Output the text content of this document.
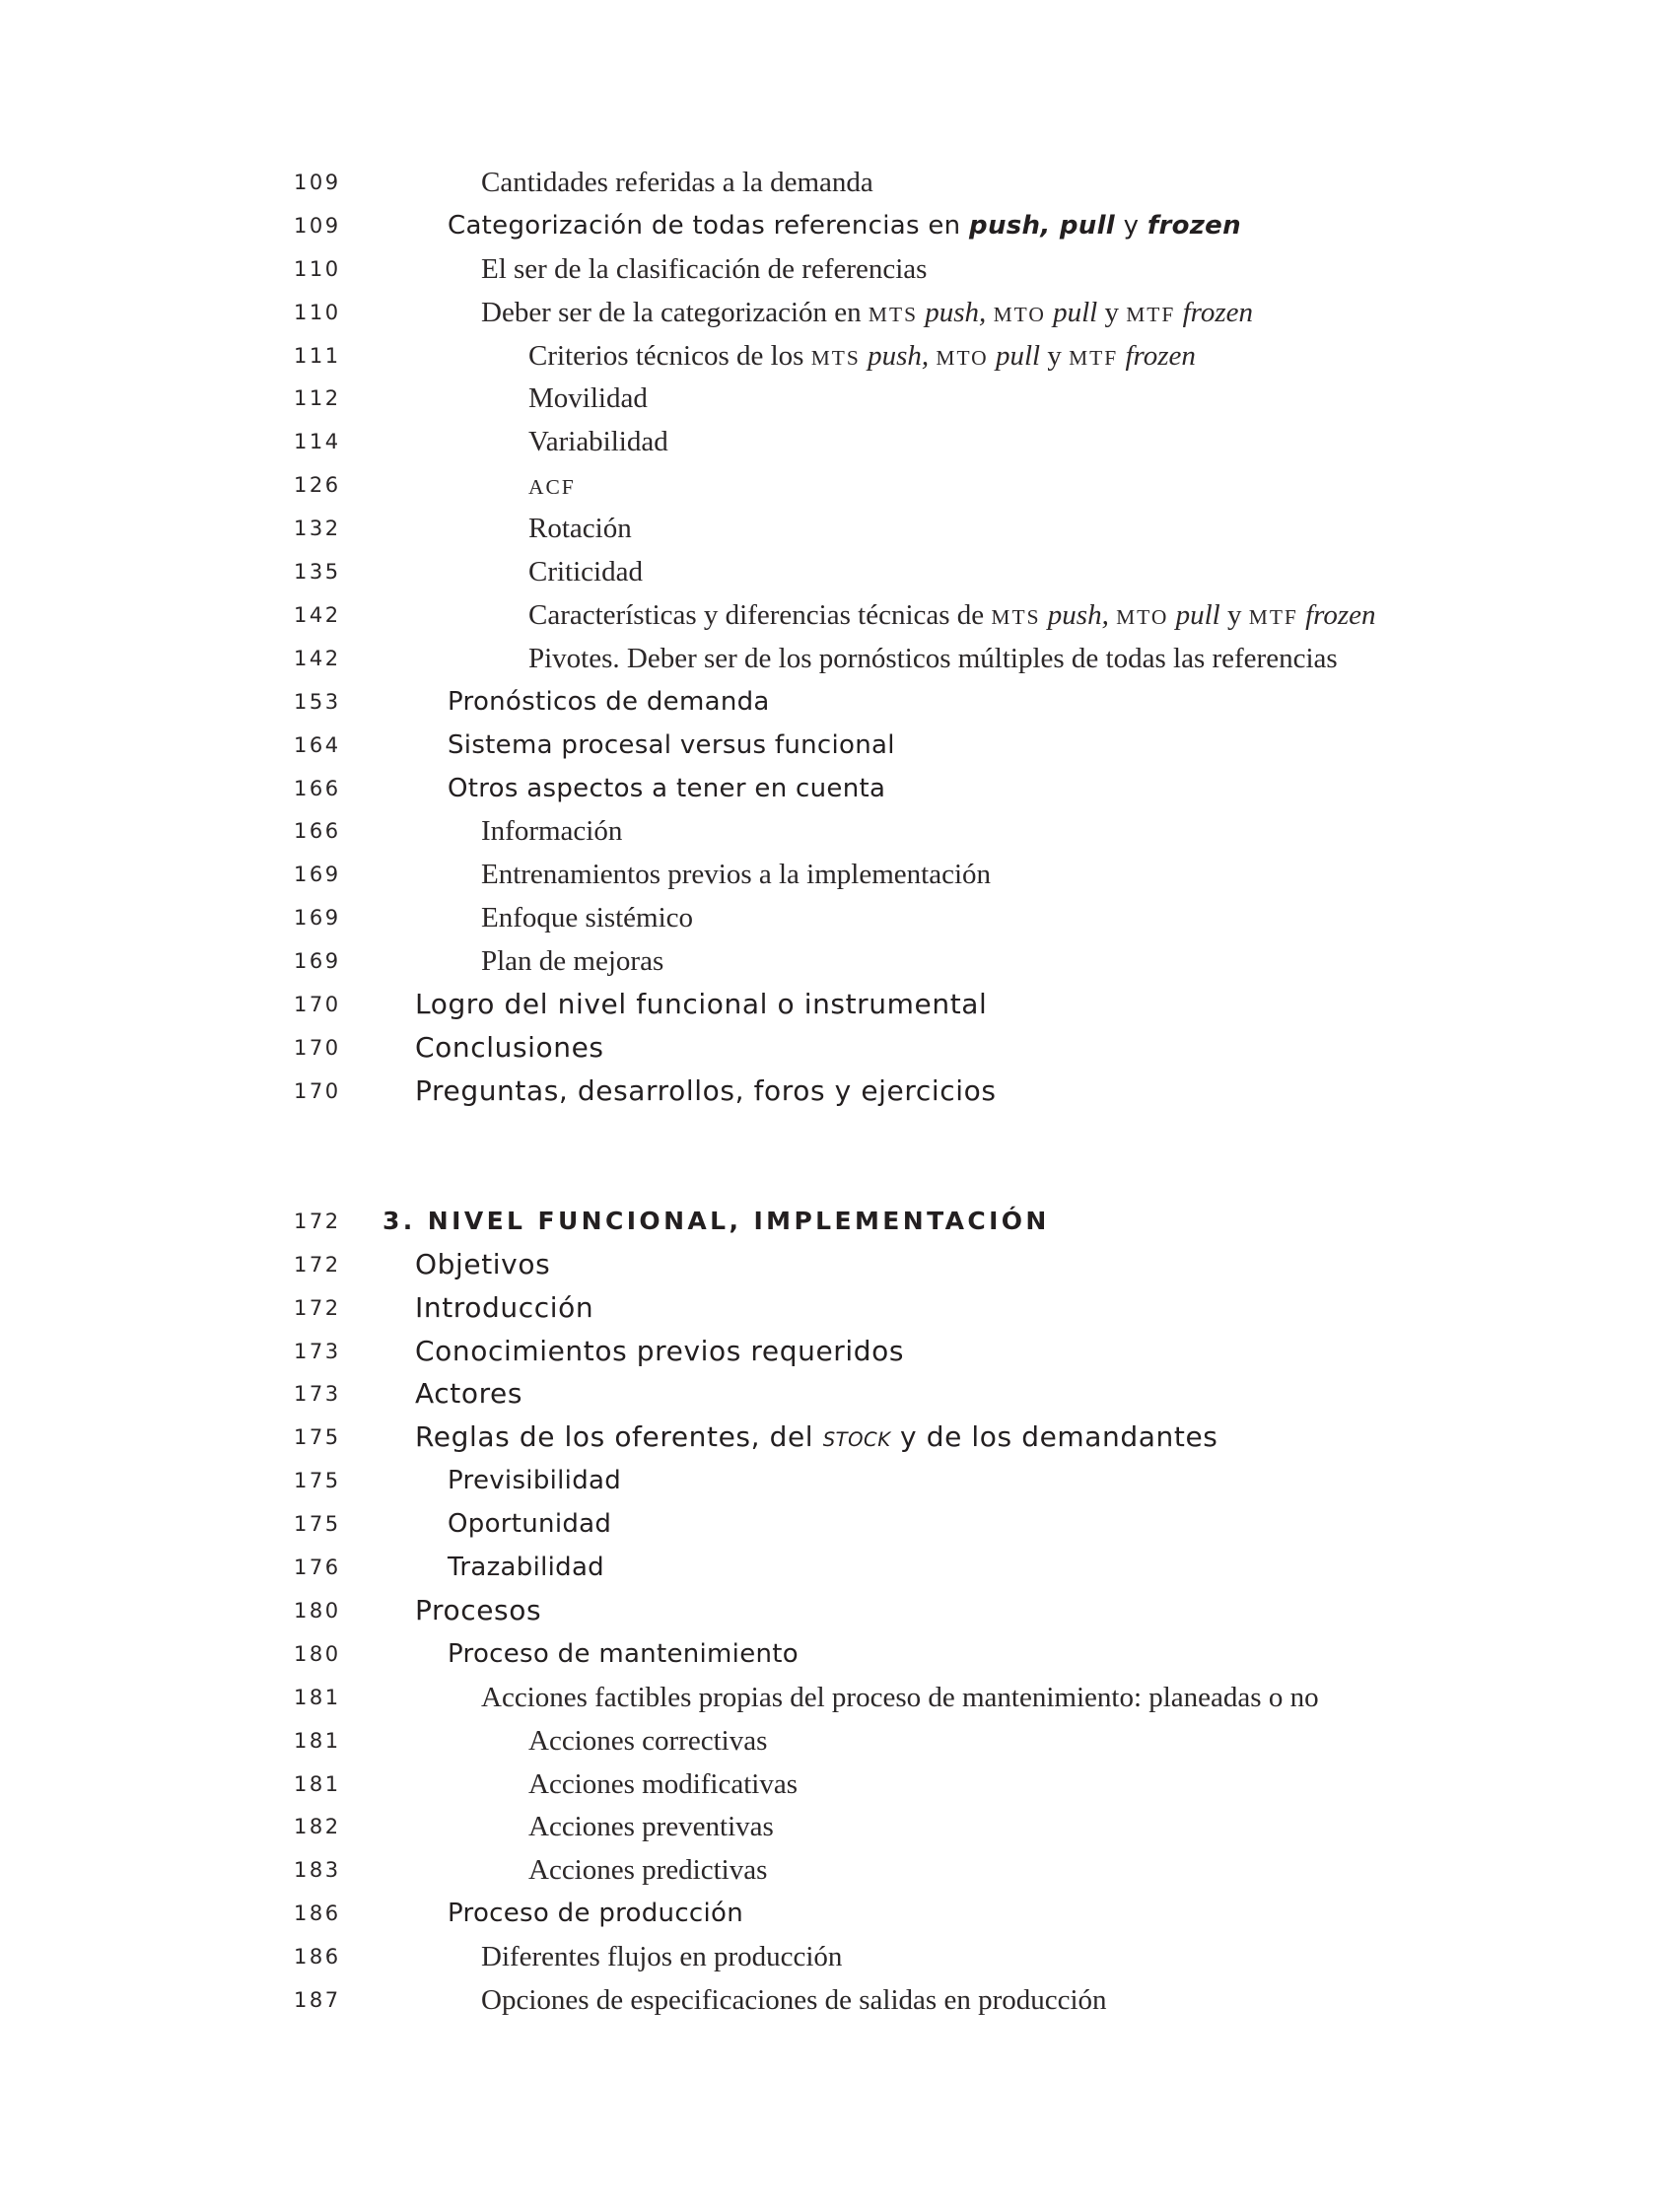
109	Cantidades referidas a la demanda
109	Categorización de todas referencias en push, pull y frozen
110	El ser de la clasificación de referencias
110	Deber ser de la categorización en MTS push, MTO pull y MTF frozen
111	Criterios técnicos de los MTS push, MTO pull y MTF frozen
112	Movilidad
114	Variabilidad
126	ACF
132	Rotación
135	Criticidad
142	Características y diferencias técnicas de MTS push, MTO pull y MTF frozen
142	Pivotes. Deber ser de los pornósticos múltiples de todas las referencias
153	Pronósticos de demanda
164	Sistema procesal versus funcional
166	Otros aspectos a tener en cuenta
166	Información
169	Entrenamientos previos a la implementación
169	Enfoque sistémico
169	Plan de mejoras
170	Logro del nivel funcional o instrumental
170	Conclusiones
170	Preguntas, desarrollos, foros y ejercicios
172	3. NIVEL FUNCIONAL, IMPLEMENTACIÓN
172	Objetivos
172	Introducción
173	Conocimientos previos requeridos
173	Actores
175	Reglas de los oferentes, del STOCK y de los demandantes
175	Previsibilidad
175	Oportunidad
176	Trazabilidad
180	Procesos
180	Proceso de mantenimiento
181	Acciones factibles propias del proceso de mantenimiento: planeadas o no
181	Acciones correctivas
181	Acciones modificativas
182	Acciones preventivas
183	Acciones predictivas
186	Proceso de producción
186	Diferentes flujos en producción
187	Opciones de especificaciones de salidas en producción
